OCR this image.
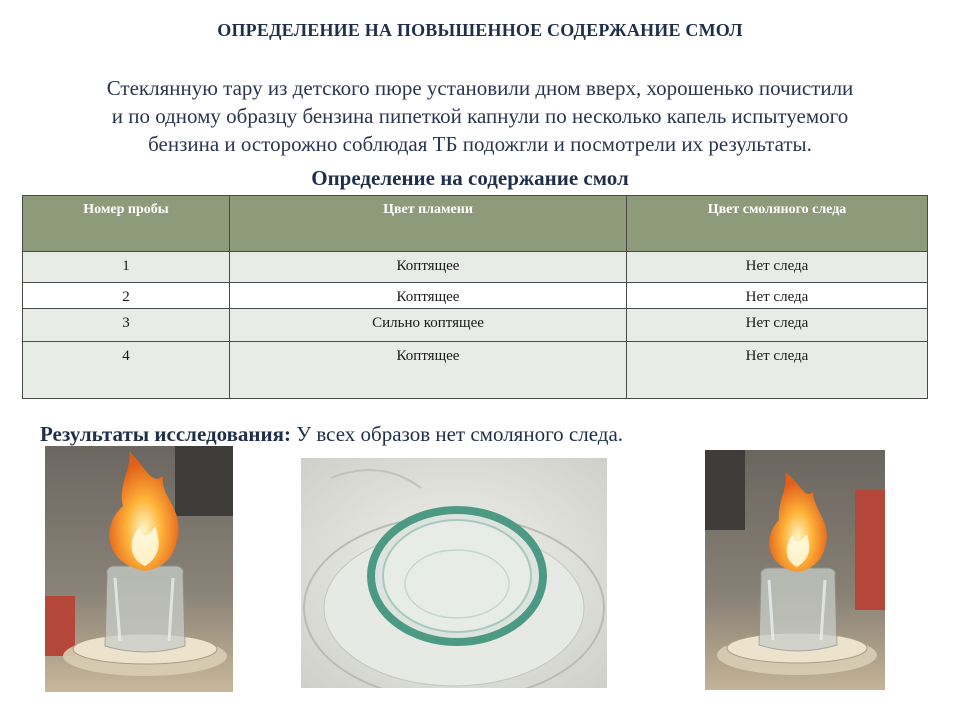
ОПРЕДЕЛЕНИЕ НА ПОВЫШЕННОЕ СОДЕРЖАНИЕ СМОЛ
Стеклянную тару из детского пюре установили дном вверх, хорошенько почистили
и по одному образцу бензина пипеткой капнули по несколько капель испытуемого
бензина и осторожно соблюдая ТБ подожгли и посмотрели их результаты.
Определение на содержание смол
Номер пробы	Цвет пламени	Цвет смоляного следа
1	Коптящее	Нет следа
2	Коптящее	Нет следа
3	Сильно коптящее	Нет следа
4	Коптящее	Нет следа
Результаты исследования: У всех образов нет смоляного следа.
